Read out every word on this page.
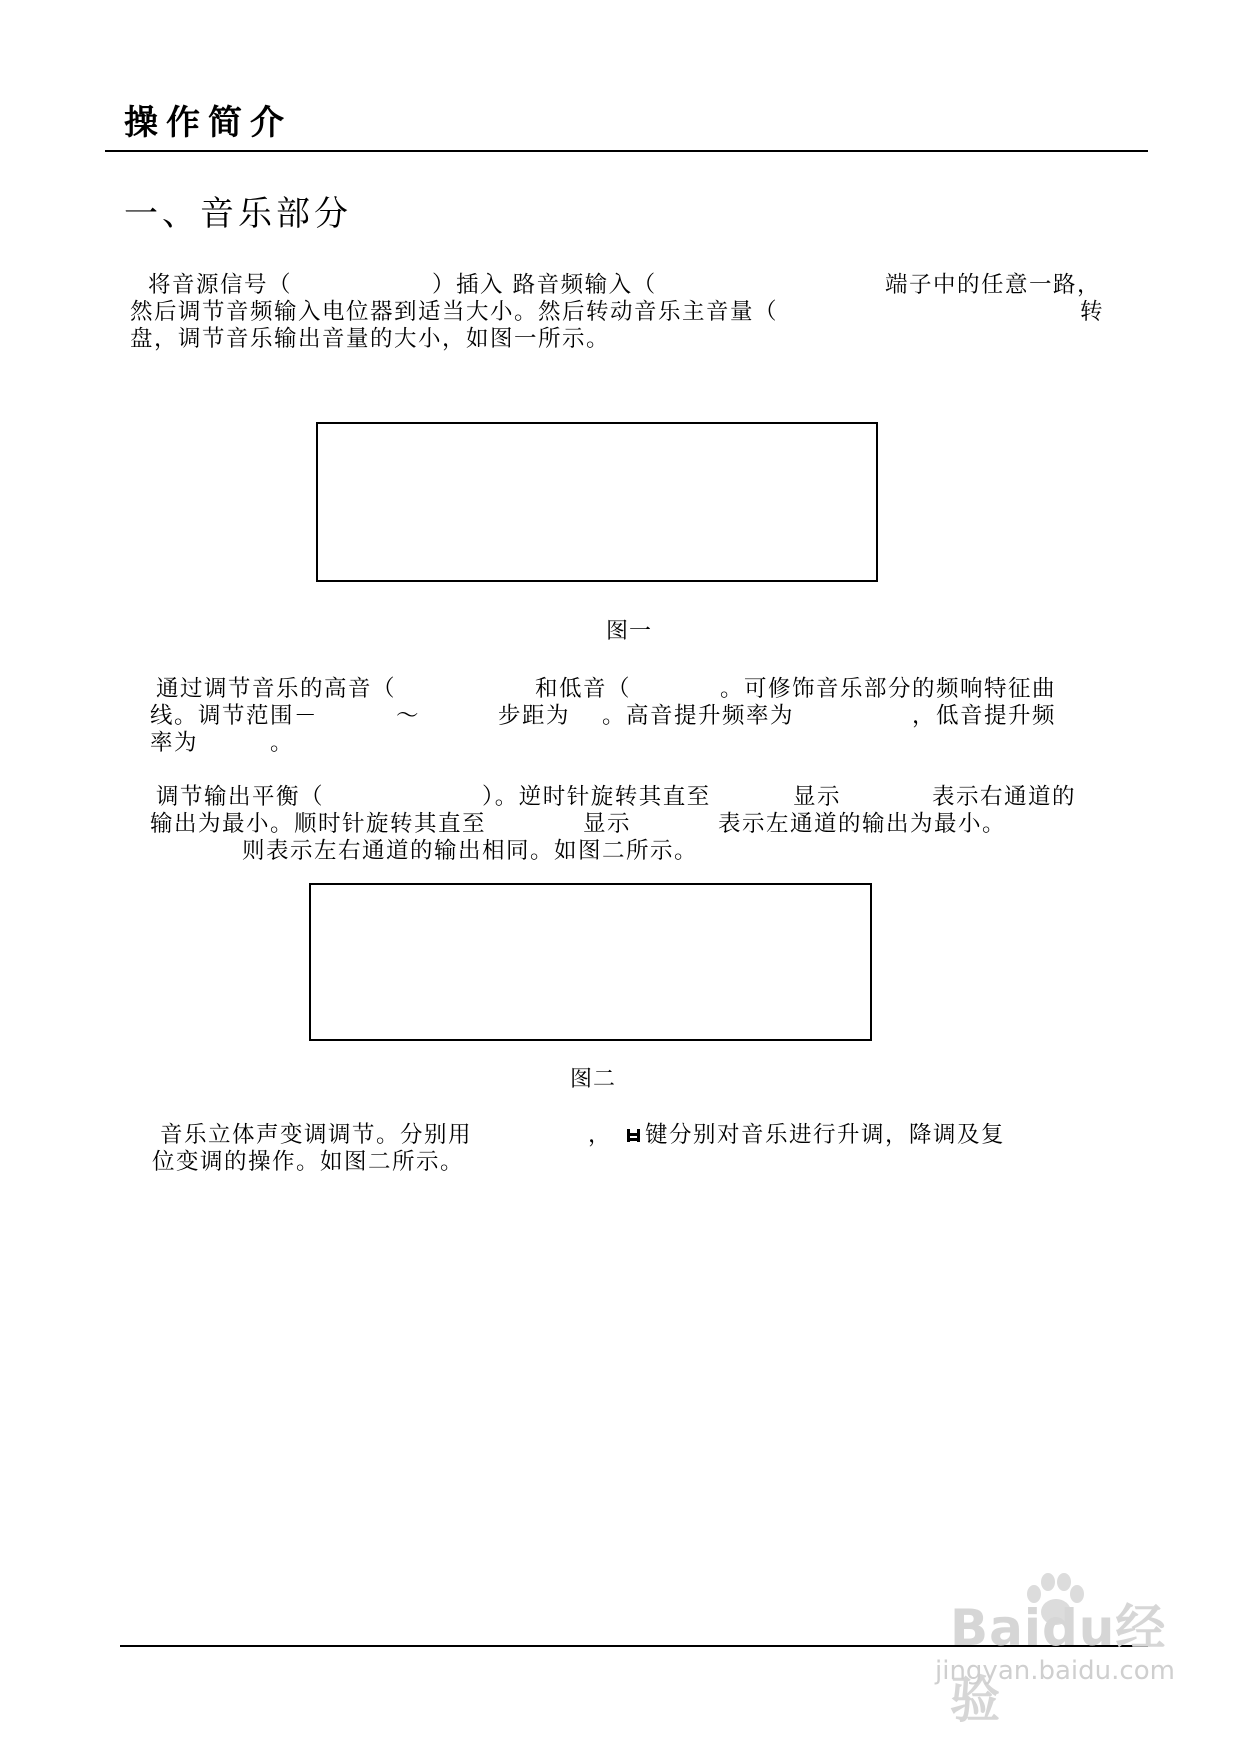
操作简介
一、音乐部分
将音源信号（	）插入 路音频输入（	端子中的任意一路，
然后调节音频输入电位器到适当大小。然后转动音乐主音量（	转
盘，调节音乐输出音量的大小，如图一所示。
图一
通过调节音乐的高音（	和低音（	。可修饰音乐部分的频响特征曲
线。调节范围－	～	步距为 。高音提升频率为	，低音提升频
率为	。
调节输出平衡（	）。逆时针旋转其直至	显示	表示右通道的
输出为最小。顺时针旋转其直至	显示	表示左通道的输出为最小。
则表示左右通道的输出相同。如图二所示。
图二
音乐立体声变调调节。分别用	，	键分别对音乐进行升调，降调及复
位变调的操作。如图二所示。
Baidu经验
jingyan.baidu.com
